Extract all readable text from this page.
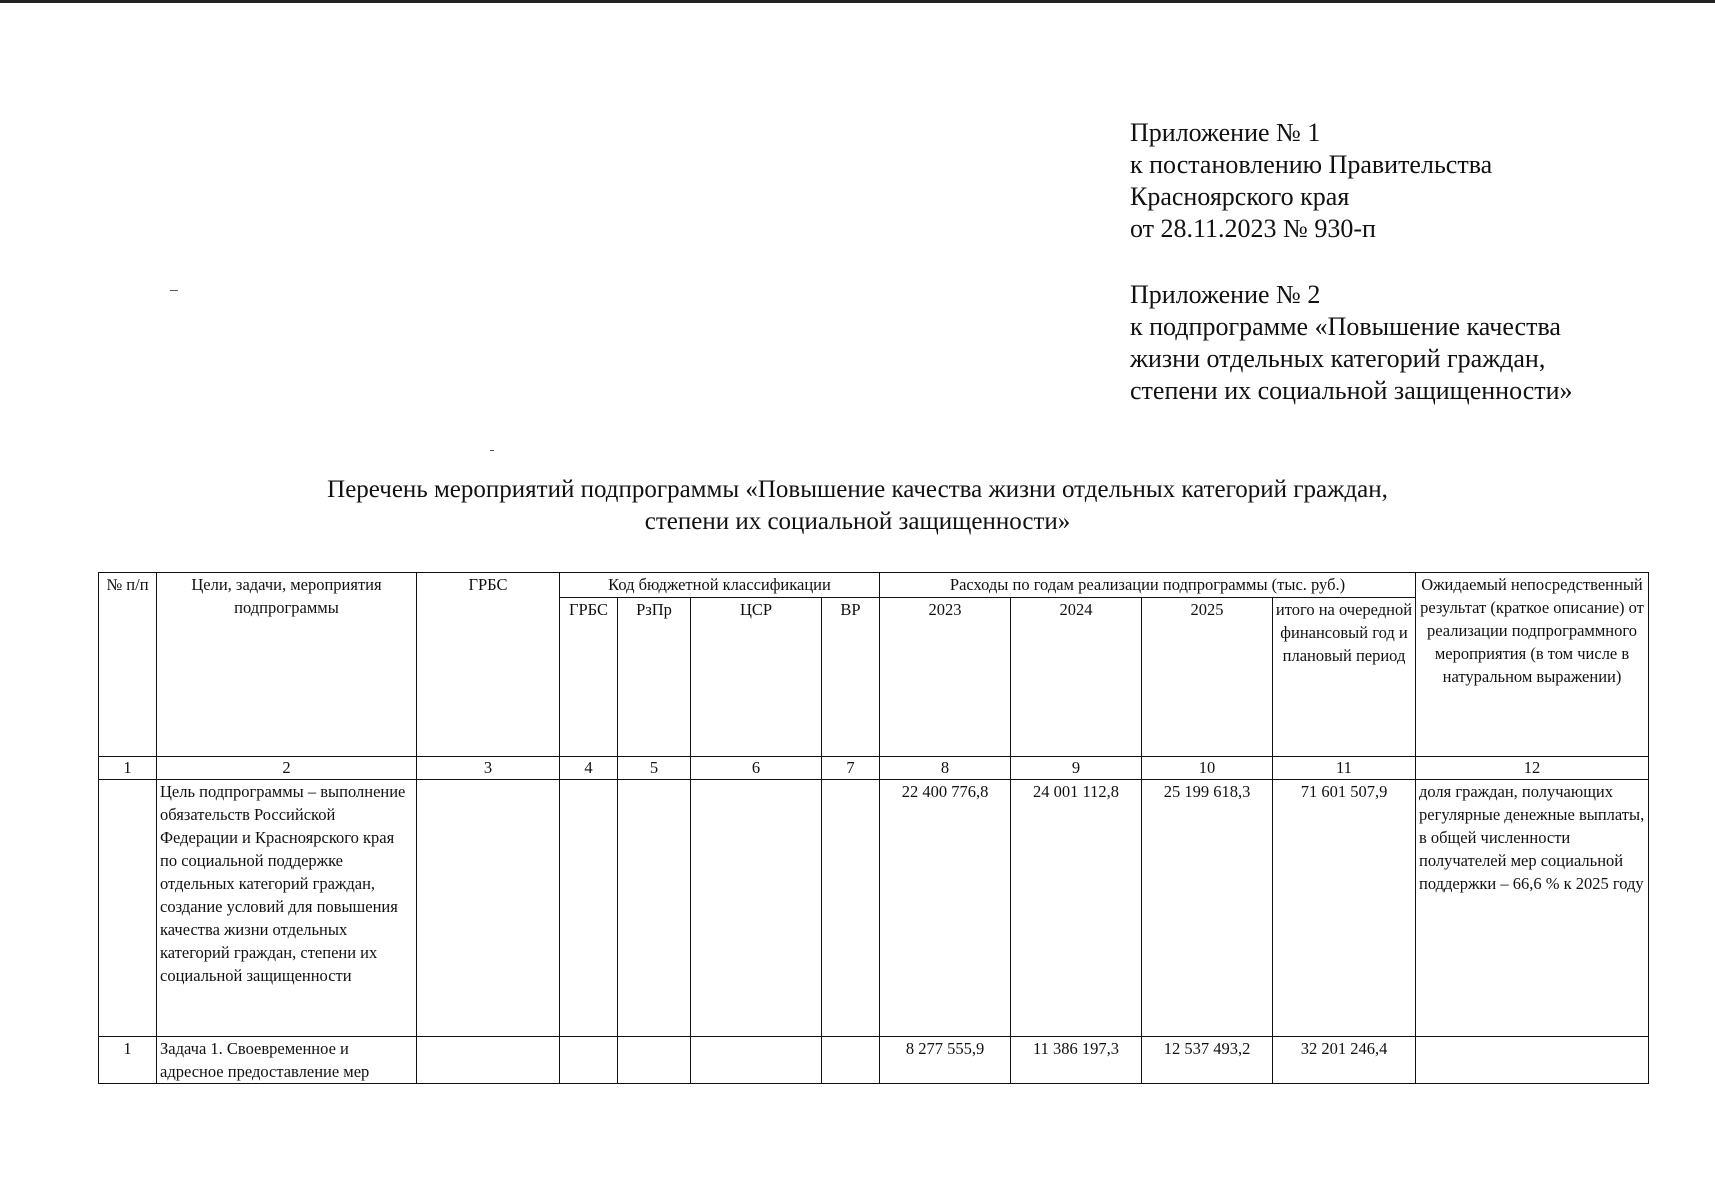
Приложение № 1
к постановлению Правительства
Красноярского края
от 28.11.2023 № 930-п
Приложение № 2
к подпрограмме «Повышение качества
жизни отдельных категорий граждан,
степени их социальной защищенности»
Перечень мероприятий подпрограммы «Повышение качества жизни отдельных категорий граждан,
степени их социальной защищенности»
№ п/п	Цели, задачи, мероприятия подпрограммы	ГРБС	Код бюджетной классификации				Расходы по годам реализации подпрограммы (тыс. руб.)				Ожидаемый непосредственный результат (краткое описание) от реализации подпрограммного мероприятия (в том числе в натуральном выражении)
			ГРБС	РзПр	ЦСР	ВР	2023	2024	2025	итого на очередной финансовый год и плановый период	
1	2	3	4	5	6	7	8	9	10	11	12
	Цель подпрограммы – выполнение обязательств Российской Федерации и Красноярского края по социальной поддержке отдельных категорий граждан, создание условий для повышения качества жизни отдельных категорий граждан, степени их социальной защищенности						22 400 776,8	24 001 112,8	25 199 618,3	71 601 507,9	доля граждан, получающих регулярные денежные выплаты, в общей численности получателей мер социальной поддержки – 66,6 % к 2025 году
1	Задача 1. Своевременное и адресное предоставление мер						8 277 555,9	11 386 197,3	12 537 493,2	32 201 246,4	
